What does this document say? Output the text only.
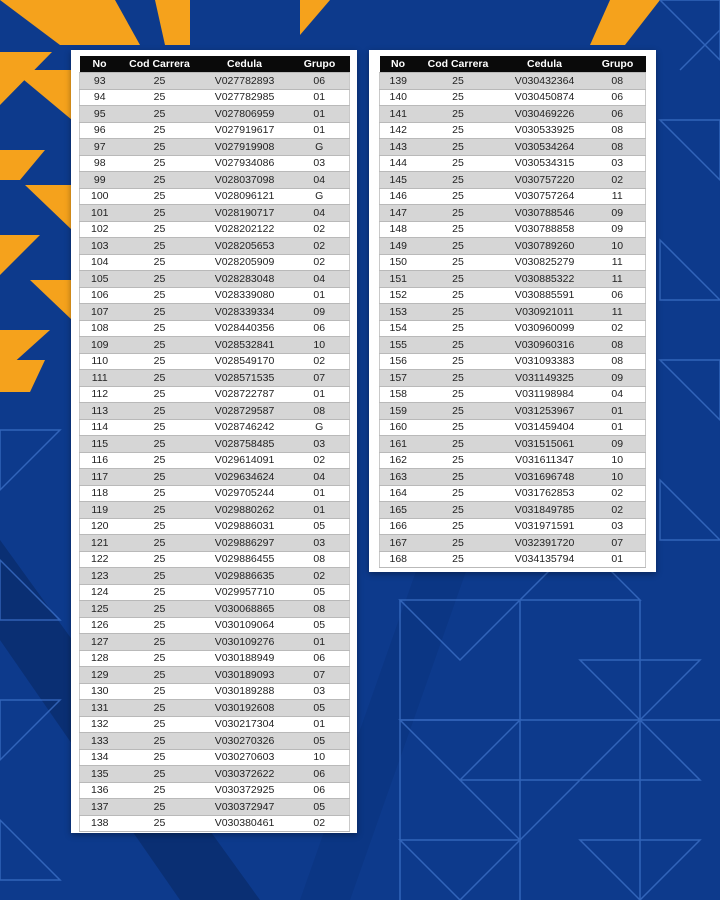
No	Cod Carrera	Cedula	Grupo
93	25	V027782893	06
94	25	V027782985	01
95	25	V027806959	01
96	25	V027919617	01
97	25	V027919908	G
98	25	V027934086	03
99	25	V028037098	04
100	25	V028096121	G
101	25	V028190717	04
102	25	V028202122	02
103	25	V028205653	02
104	25	V028205909	02
105	25	V028283048	04
106	25	V028339080	01
107	25	V028339334	09
108	25	V028440356	06
109	25	V028532841	10
110	25	V028549170	02
111	25	V028571535	07
112	25	V028722787	01
113	25	V028729587	08
114	25	V028746242	G
115	25	V028758485	03
116	25	V029614091	02
117	25	V029634624	04
118	25	V029705244	01
119	25	V029880262	01
120	25	V029886031	05
121	25	V029886297	03
122	25	V029886455	08
123	25	V029886635	02
124	25	V029957710	05
125	25	V030068865	08
126	25	V030109064	05
127	25	V030109276	01
128	25	V030188949	06
129	25	V030189093	07
130	25	V030189288	03
131	25	V030192608	05
132	25	V030217304	01
133	25	V030270326	05
134	25	V030270603	10
135	25	V030372622	06
136	25	V030372925	06
137	25	V030372947	05
138	25	V030380461	02
No	Cod Carrera	Cedula	Grupo
139	25	V030432364	08
140	25	V030450874	06
141	25	V030469226	06
142	25	V030533925	08
143	25	V030534264	08
144	25	V030534315	03
145	25	V030757220	02
146	25	V030757264	11
147	25	V030788546	09
148	25	V030788858	09
149	25	V030789260	10
150	25	V030825279	11
151	25	V030885322	11
152	25	V030885591	06
153	25	V030921011	11
154	25	V030960099	02
155	25	V030960316	08
156	25	V031093383	08
157	25	V031149325	09
158	25	V031198984	04
159	25	V031253967	01
160	25	V031459404	01
161	25	V031515061	09
162	25	V031611347	10
163	25	V031696748	10
164	25	V031762853	02
165	25	V031849785	02
166	25	V031971591	03
167	25	V032391720	07
168	25	V034135794	01
